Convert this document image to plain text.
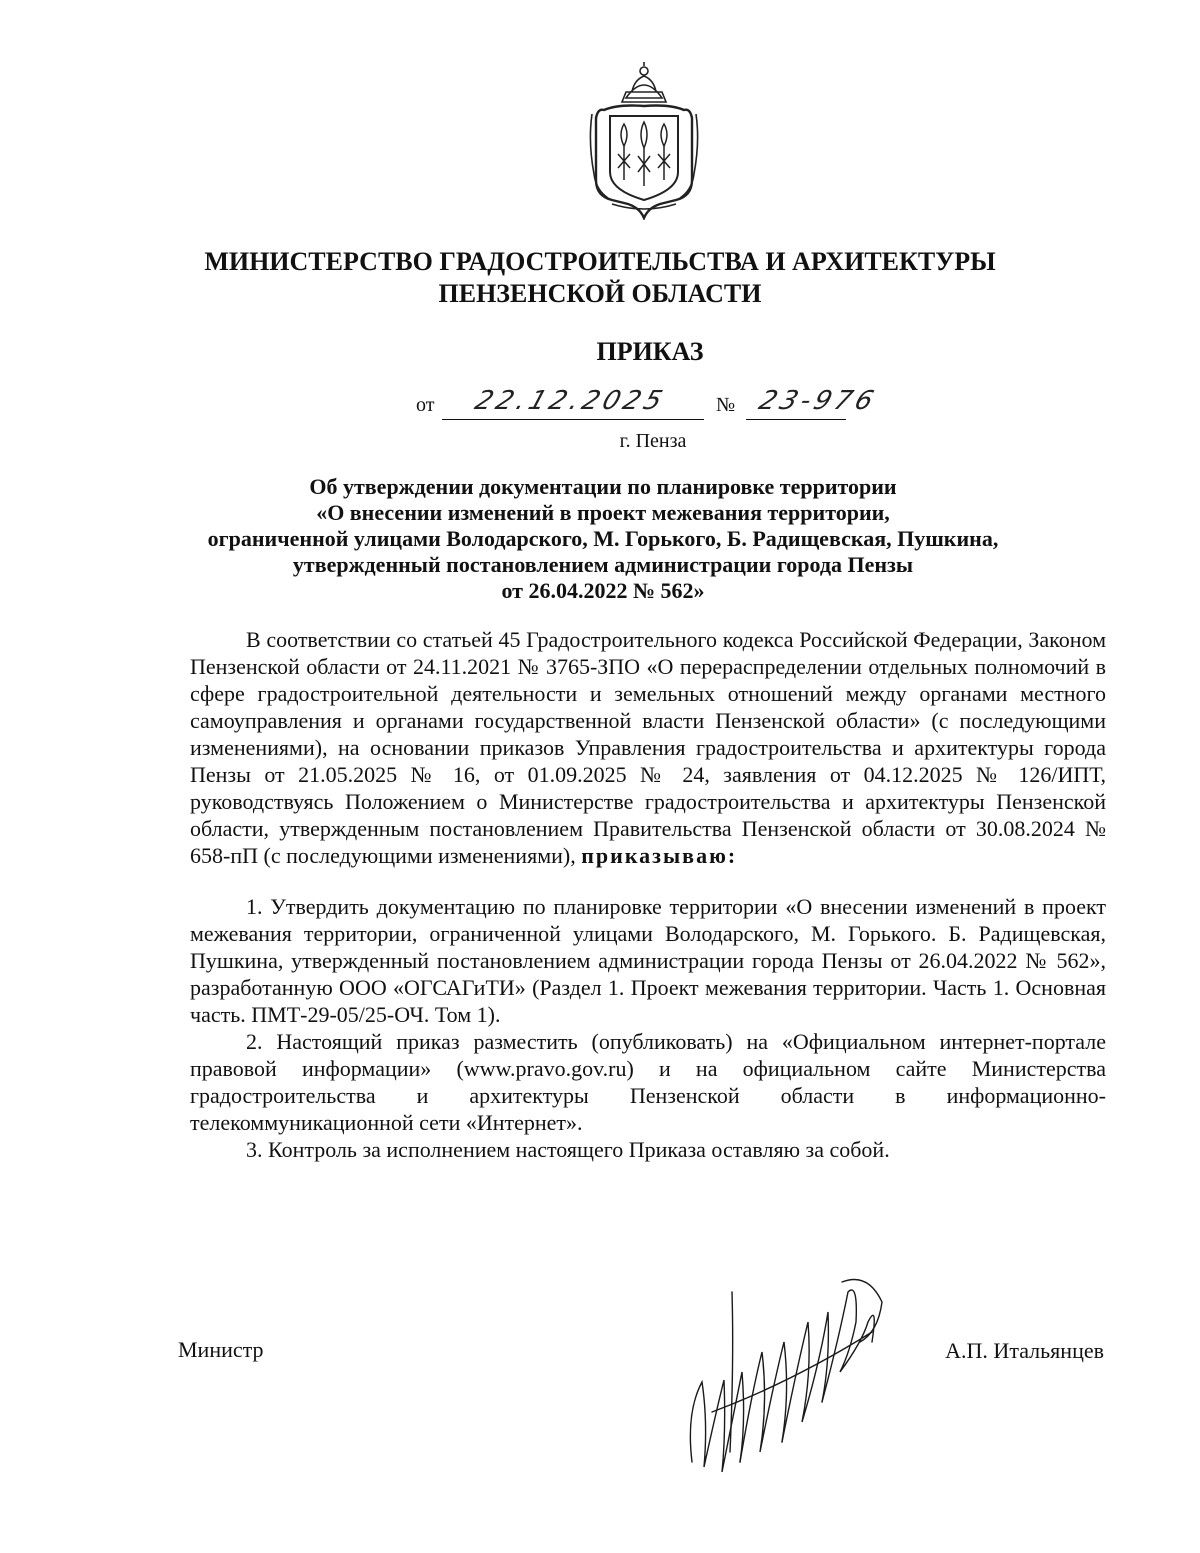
МИНИСТЕРСТВО ГРАДОСТРОИТЕЛЬСТВА И АРХИТЕКТУРЫ
ПЕНЗЕНСКОЙ ОБЛАСТИ
ПРИКАЗ
от 22.12.2025 № 23-976
г. Пенза
Об утверждении документации по планировке территории
«О внесении изменений в проект межевания территории,
ограниченной улицами Володарского, М. Горького, Б. Радищевская, Пушкина,
утвержденный постановлением администрации города Пензы
от 26.04.2022 № 562»

В соответствии со статьей 45 Градостроительного кодекса Российской Федерации, Законом Пензенской области от 24.11.2021 № 3765-ЗПО «О перераспределении отдельных полномочий в сфере градостроительной деятельности и земельных отношений между органами местного самоуправления и органами государственной власти Пензенской области» (с последующими изменениями), на основании приказов Управления градостроительства и архитектуры города Пензы от 21.05.2025 № 16, от 01.09.2025 № 24, заявления от 04.12.2025 № 126/ИПТ, руководствуясь Положением о Министерстве градостроительства и архитектуры Пензенской области, утвержденным постановлением Правительства Пензенской области от 30.08.2024 № 658-пП (с последующими изменениями), приказываю:

1. Утвердить документацию по планировке территории «О внесении изменений в проект межевания территории, ограниченной улицами Володарского, М. Горького. Б. Радищевская, Пушкина, утвержденный постановлением администрации города Пензы от 26.04.2022 № 562», разработанную ООО «ОГСАГиТИ» (Раздел 1. Проект межевания территории. Часть 1. Основная часть. ПМТ-29-05/25-ОЧ. Том 1).

2. Настоящий приказ разместить (опубликовать) на «Официальном интернет-портале правовой информации» (www.pravo.gov.ru) и на официальном сайте Министерства градостроительства и архитектуры Пензенской области в информационно-телекоммуникационной сети «Интернет».

3. Контроль за исполнением настоящего Приказа оставляю за собой.

Министр	А.П. Итальянцев
